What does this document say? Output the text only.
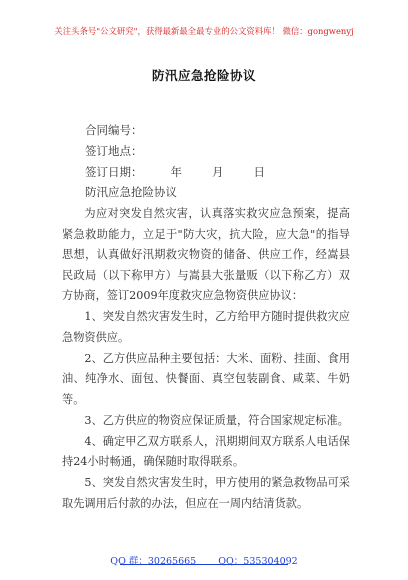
关注头条号"公文研究"，获得最新最全最专业的公文资料库！ 微信：gongwenyj
防汛应急抢险协议
合同编号：
签订地点：
签订日期： 年	月	日
防汛应急抢险协议

为应对突发自然灾害，认真落实救灾应急预案，提高紧急救助能力，立足于"防大灾，抗大险，应大急"的指导思想，认真做好汛期救灾物资的储备、供应工作，经嵩县民政局（以下称甲方）与嵩县大张量贩（以下称乙方）双方协商，签订2009年度救灾应急物资供应协议：

1、突发自然灾害发生时，乙方给甲方随时提供救灾应急物资供应。

2、乙方供应品种主要包括：大米、面粉、挂面、食用油、纯净水、面包、快餐面、真空包装副食、咸菜、牛奶等。

3、乙方供应的物资应保证质量，符合国家规定标准。

4、确定甲乙双方联系人，汛期期间双方联系人电话保持24小时畅通，确保随时取得联系。

5、突发自然灾害发生时，甲方使用的紧急救物品可采取先调用后付款的办法，但应在一周内结清货款。

QQ 群：30265665 QQ：535304092
